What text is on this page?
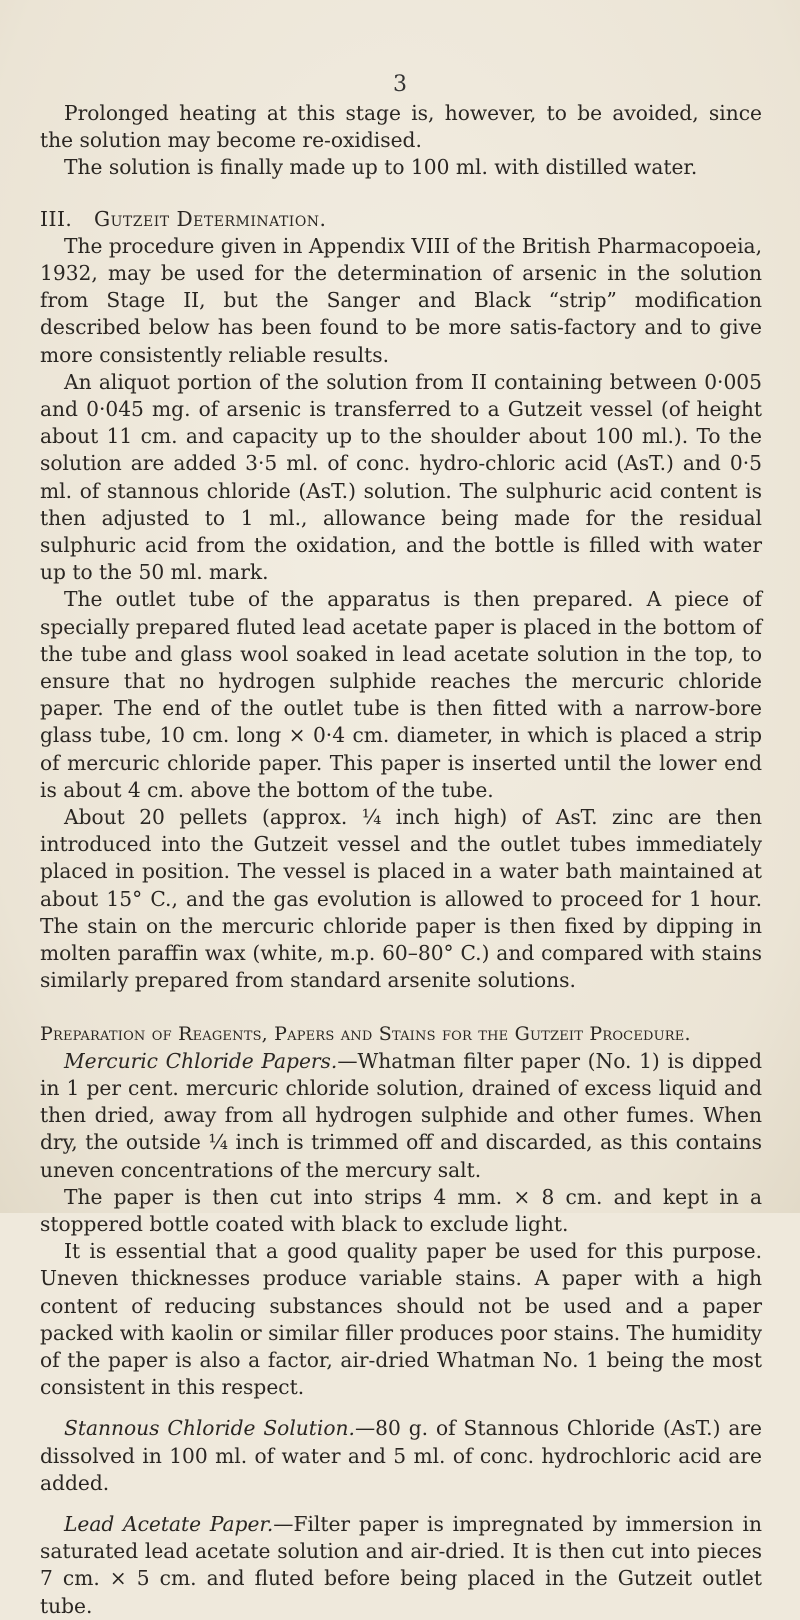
3

Prolonged heating at this stage is, however, to be avoided, since the solution may become re-oxidised.

The solution is finally made up to 100 ml. with distilled water.

III. Gutzeit Determination.

The procedure given in Appendix VIII of the British Pharmacopoeia, 1932, may be used for the determination of arsenic in the solution from Stage II, but the Sanger and Black “strip” modification described below has been found to be more satis-factory and to give more consistently reliable results.

An aliquot portion of the solution from II containing between 0·005 and 0·045 mg. of arsenic is transferred to a Gutzeit vessel (of height about 11 cm. and capacity up to the shoulder about 100 ml.). To the solution are added 3·5 ml. of conc. hydro-chloric acid (AsT.) and 0·5 ml. of stannous chloride (AsT.) solution. The sulphuric acid content is then adjusted to 1 ml., allowance being made for the residual sulphuric acid from the oxidation, and the bottle is filled with water up to the 50 ml. mark.

The outlet tube of the apparatus is then prepared. A piece of specially prepared fluted lead acetate paper is placed in the bottom of the tube and glass wool soaked in lead acetate solution in the top, to ensure that no hydrogen sulphide reaches the mercuric chloride paper. The end of the outlet tube is then fitted with a narrow-bore glass tube, 10 cm. long × 0·4 cm. diameter, in which is placed a strip of mercuric chloride paper. This paper is inserted until the lower end is about 4 cm. above the bottom of the tube.

About 20 pellets (approx. ¼ inch high) of AsT. zinc are then introduced into the Gutzeit vessel and the outlet tubes immediately placed in position. The vessel is placed in a water bath maintained at about 15° C., and the gas evolution is allowed to proceed for 1 hour. The stain on the mercuric chloride paper is then fixed by dipping in molten paraffin wax (white, m.p. 60–80° C.) and compared with stains similarly prepared from standard arsenite solutions.

Preparation of Reagents, Papers and Stains for the Gutzeit Procedure.

Mercuric Chloride Papers.—Whatman filter paper (No. 1) is dipped in 1 per cent. mercuric chloride solution, drained of excess liquid and then dried, away from all hydrogen sulphide and other fumes. When dry, the outside ¼ inch is trimmed off and discarded, as this contains uneven concentrations of the mercury salt.

The paper is then cut into strips 4 mm. × 8 cm. and kept in a stoppered bottle coated with black to exclude light.

It is essential that a good quality paper be used for this purpose. Uneven thicknesses produce variable stains. A paper with a high content of reducing substances should not be used and a paper packed with kaolin or similar filler produces poor stains. The humidity of the paper is also a factor, air-dried Whatman No. 1 being the most consistent in this respect.

Stannous Chloride Solution.—80 g. of Stannous Chloride (AsT.) are dissolved in 100 ml. of water and 5 ml. of conc. hydrochloric acid are added.

Lead Acetate Paper.—Filter paper is impregnated by immersion in saturated lead acetate solution and air-dried. It is then cut into pieces 7 cm. × 5 cm. and fluted before being placed in the Gutzeit outlet tube.
